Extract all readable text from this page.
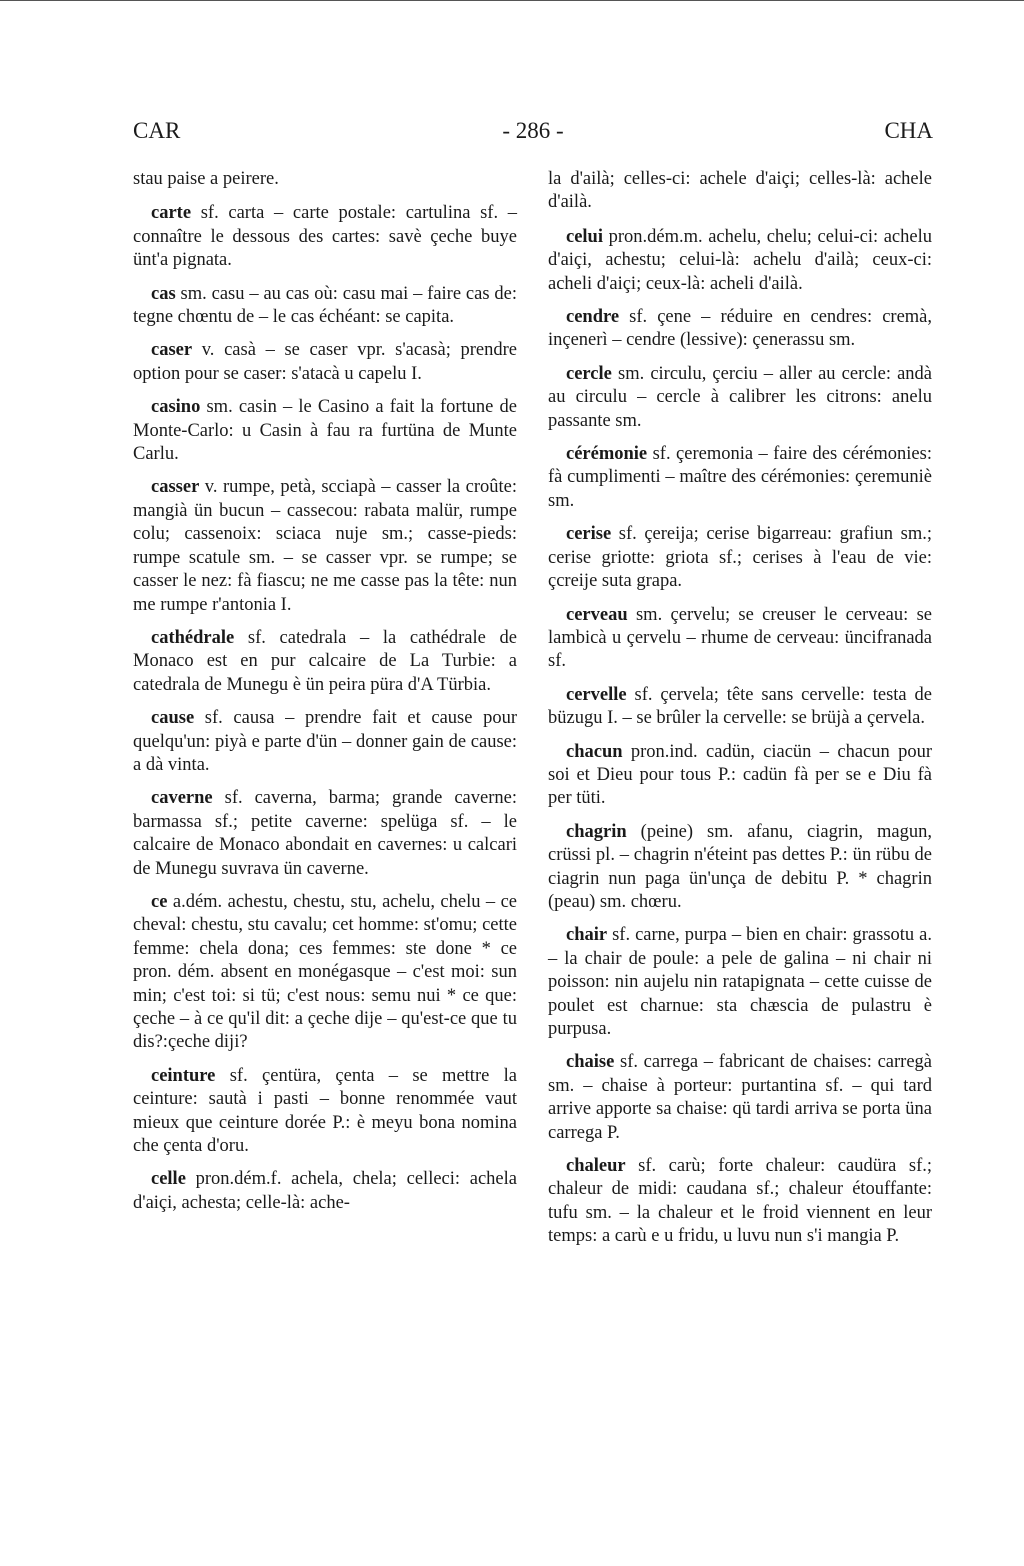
CAR	- 286 -	CHA

stau paise a peirere.

carte sf. carta – carte postale: cartulina sf. – connaître le dessous des cartes: savè çeche buye ünt'a pignata.

cas sm. casu – au cas où: casu mai – faire cas de: tegne chœntu de – le cas échéant: se capita.

caser v. casà – se caser vpr. s'acasà; prendre option pour se caser: s'atacà u capelu I.

casino sm. casin – le Casino a fait la fortune de Monte-Carlo: u Casin à fau ra furtüna de Munte Carlu.

casser v. rumpe, petà, scciapà – casser la croûte: mangià ün bucun – cassecou: rabata malür, rumpe colu; cassenoix: sciaca nuje sm.; casse-pieds: rumpe scatule sm. – se casser vpr. se rumpe; se casser le nez: fà fiascu; ne me casse pas la tête: nun me rumpe r'antonia I.

cathédrale sf. catedrala – la cathédrale de Monaco est en pur calcaire de La Turbie: a catedrala de Munegu è ün peira püra d'A Türbia.

cause sf. causa – prendre fait et cause pour quelqu'un: piyà e parte d'ün – donner gain de cause: a dà vinta.

caverne sf. caverna, barma; grande caverne: barmassa sf.; petite caverne: spelüga sf. – le calcaire de Monaco abondait en cavernes: u calcari de Munegu suvrava ün caverne.

ce a.dém. achestu, chestu, stu, achelu, chelu – ce cheval: chestu, stu cavalu; cet homme: st'omu; cette femme: chela dona; ces femmes: ste done * ce pron. dém. absent en monégasque – c'est moi: sun min; c'est toi: si tü; c'est nous: semu nui * ce que: çeche – à ce qu'il dit: a çeche dije – qu'est-ce que tu dis?:çeche diji?

ceinture sf. çentüra, çenta – se mettre la ceinture: sautà i pasti – bonne renommée vaut mieux que ceinture dorée P.: è meyu bona nomina che çenta d'oru.

celle pron.dém.f. achela, chela; celleci: achela d'aiçi, achesta; celle-là: ache-

la d'ailà; celles-ci: achele d'aiçi; celles-là: achele d'ailà.

celui pron.dém.m. achelu, chelu; celui-ci: achelu d'aiçi, achestu; celui-là: achelu d'ailà; ceux-ci: acheli d'aiçi; ceux-là: acheli d'ailà.

cendre sf. çene – réduire en cendres: cremà, inçenerì – cendre (lessive): çenerassu sm.

cercle sm. circulu, çerciu – aller au cercle: andà au circulu – cercle à calibrer les citrons: anelu passante sm.

cérémonie sf. çeremonia – faire des cérémonies: fà cumplimenti – maître des cérémonies: çeremuniè sm.

cerise sf. çereija; cerise bigarreau: grafiun sm.; cerise griotte: griota sf.; cerises à l'eau de vie: çcreije suta grapa.

cerveau sm. çervelu; se creuser le cerveau: se lambicà u çervelu – rhume de cerveau: üncifranada sf.

cervelle sf. çervela; tête sans cervelle: testa de büzugu I. – se brûler la cervelle: se brüjà a çervela.

chacun pron.ind. cadün, ciacün – chacun pour soi et Dieu pour tous P.: cadün fà per se e Diu fà per tüti.

chagrin (peine) sm. afanu, ciagrin, magun, crüssi pl. – chagrin n'éteint pas dettes P.: ün rübu de ciagrin nun paga ün'unça de debitu P. * chagrin (peau) sm. chœru.

chair sf. carne, purpa – bien en chair: grassotu a. – la chair de poule: a pele de galina – ni chair ni poisson: nin aujelu nin ratapignata – cette cuisse de poulet est charnue: sta chæscia de pulastru è purpusa.

chaise sf. carrega – fabricant de chaises: carregà sm. – chaise à porteur: purtantina sf. – qui tard arrive apporte sa chaise: qü tardi arriva se porta üna carrega P.

chaleur sf. carù; forte chaleur: caudüra sf.; chaleur de midi: caudana sf.; chaleur étouffante: tufu sm. – la chaleur et le froid viennent en leur temps: a carù e u fridu, u luvu nun s'i mangia P.
